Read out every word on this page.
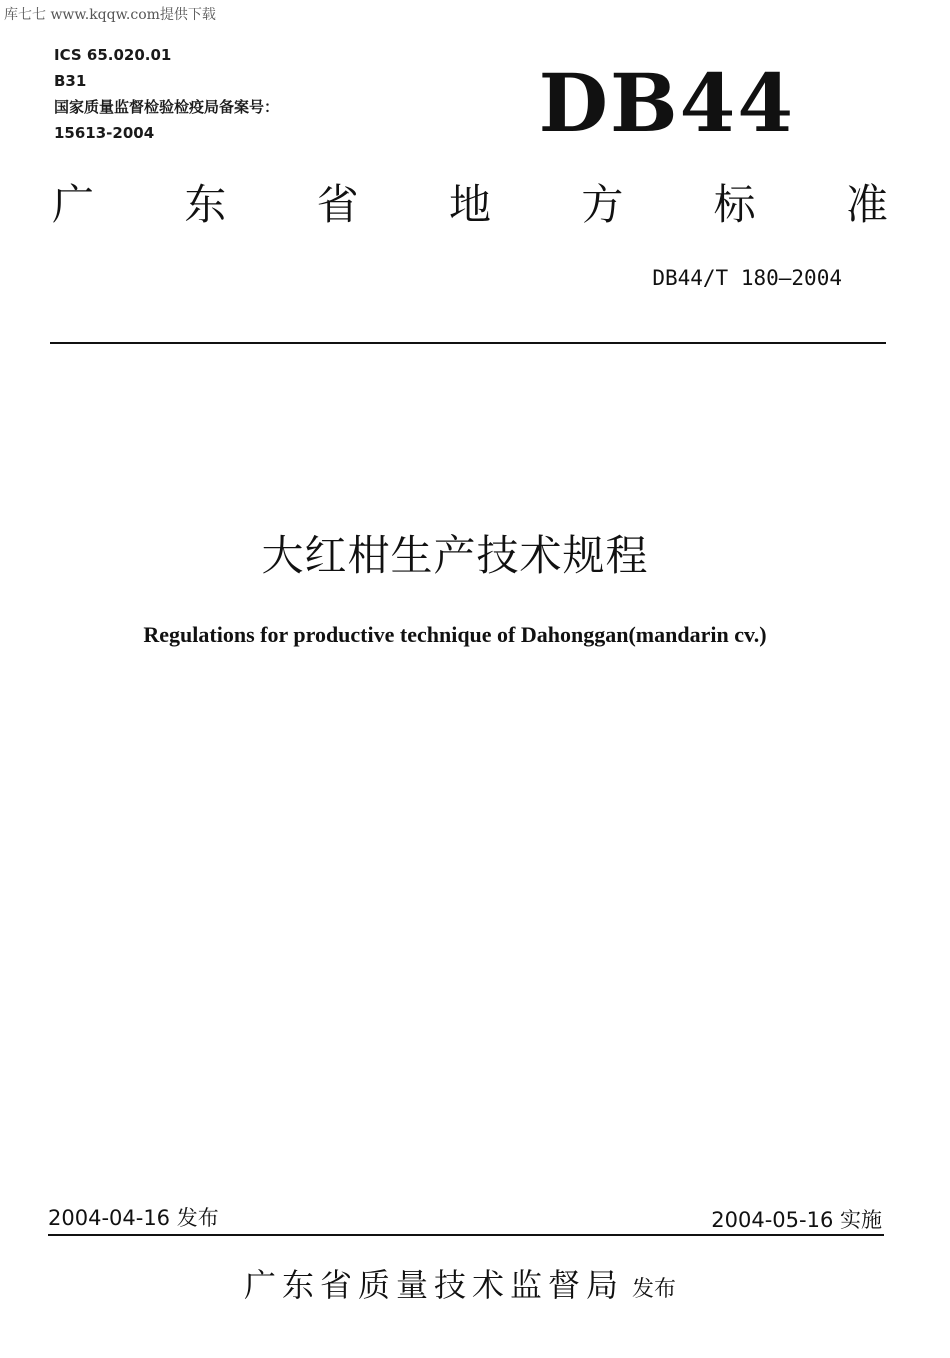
库七七 www.kqqw.com提供下载
ICS 65.020.01
B31
国家质量监督检验检疫局备案号：
15613-2004	DB44
广 东 省 地 方 标 准
DB44/T 180—2004
大红柑生产技术规程
Regulations for productive technique of Dahonggan(mandarin cv.)
2004-04-16 发布	2004-05-16 实施
广东省质量技术监督局 发布
